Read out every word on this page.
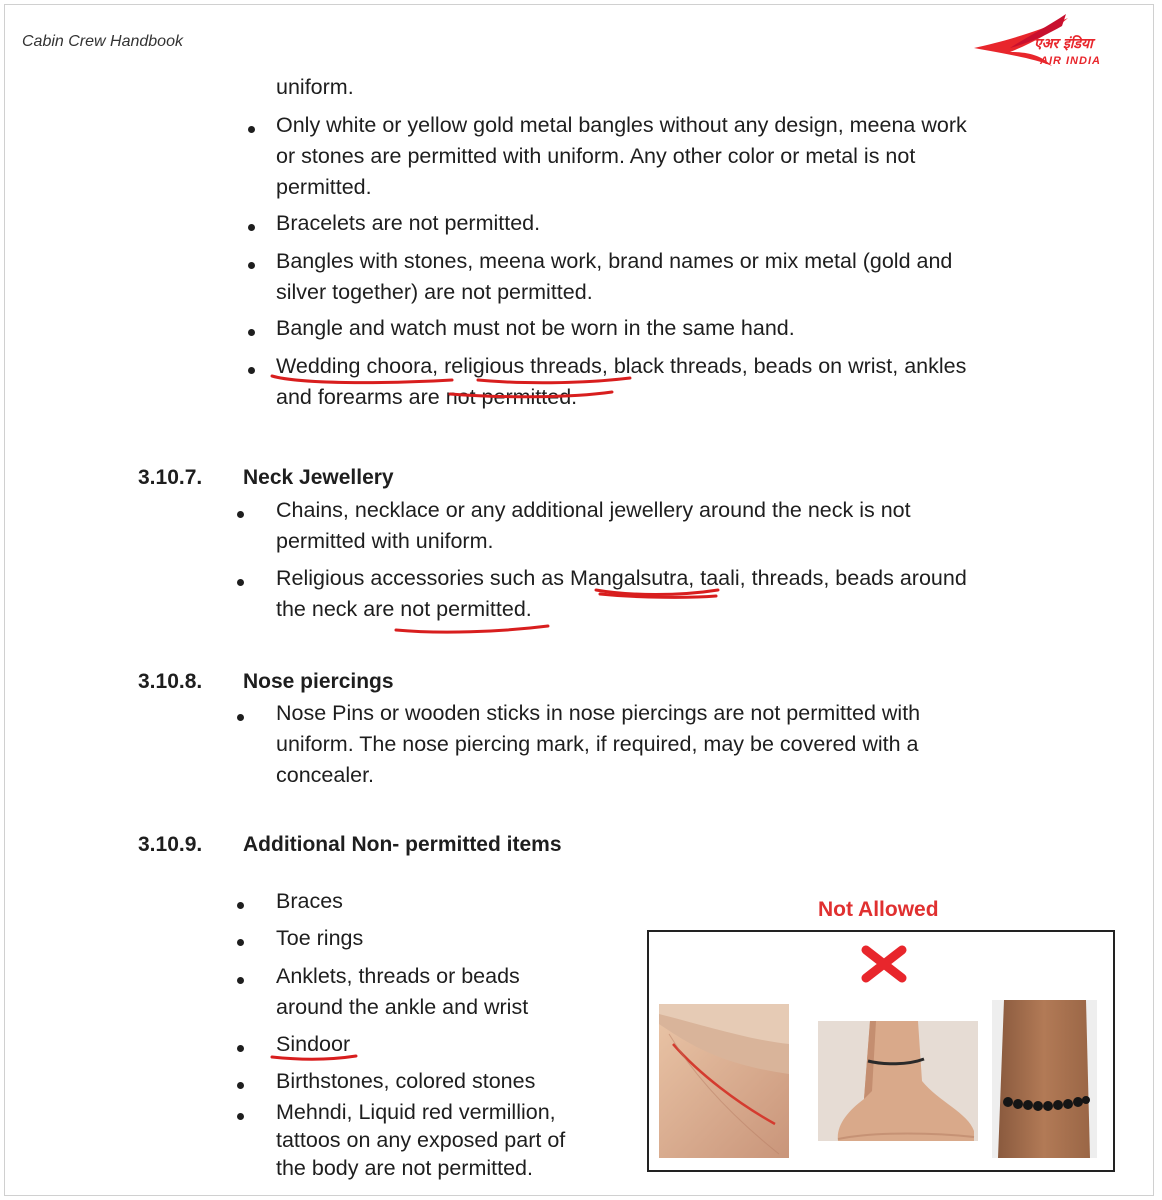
Cabin Crew Handbook	एअर इंडिया
AIR INDIA
uniform.
Only white or yellow gold metal bangles without any design, meena work
or stones are permitted with uniform. Any other color or metal is not
permitted.
Bracelets are not permitted.
Bangles with stones, meena work, brand names or mix metal (gold and
silver together) are not permitted.
Bangle and watch must not be worn in the same hand.
Wedding choora, religious threads, black threads, beads on wrist, ankles
and forearms are not permitted.
3.10.7. Neck Jewellery
Chains, necklace or any additional jewellery around the neck is not
permitted with uniform.
Religious accessories such as Mangalsutra, taali, threads, beads around
the neck are not permitted.
3.10.8. Nose piercings
Nose Pins or wooden sticks in nose piercings are not permitted with
uniform. The nose piercing mark, if required, may be covered with a
concealer.
3.10.9. Additional Non- permitted items
Braces
Toe rings
Anklets, threads or beads
around the ankle and wrist
Sindoor
Birthstones, colored stones
Mehndi, Liquid red vermillion,
tattoos on any exposed part of
the body are not permitted.
Not Allowed
